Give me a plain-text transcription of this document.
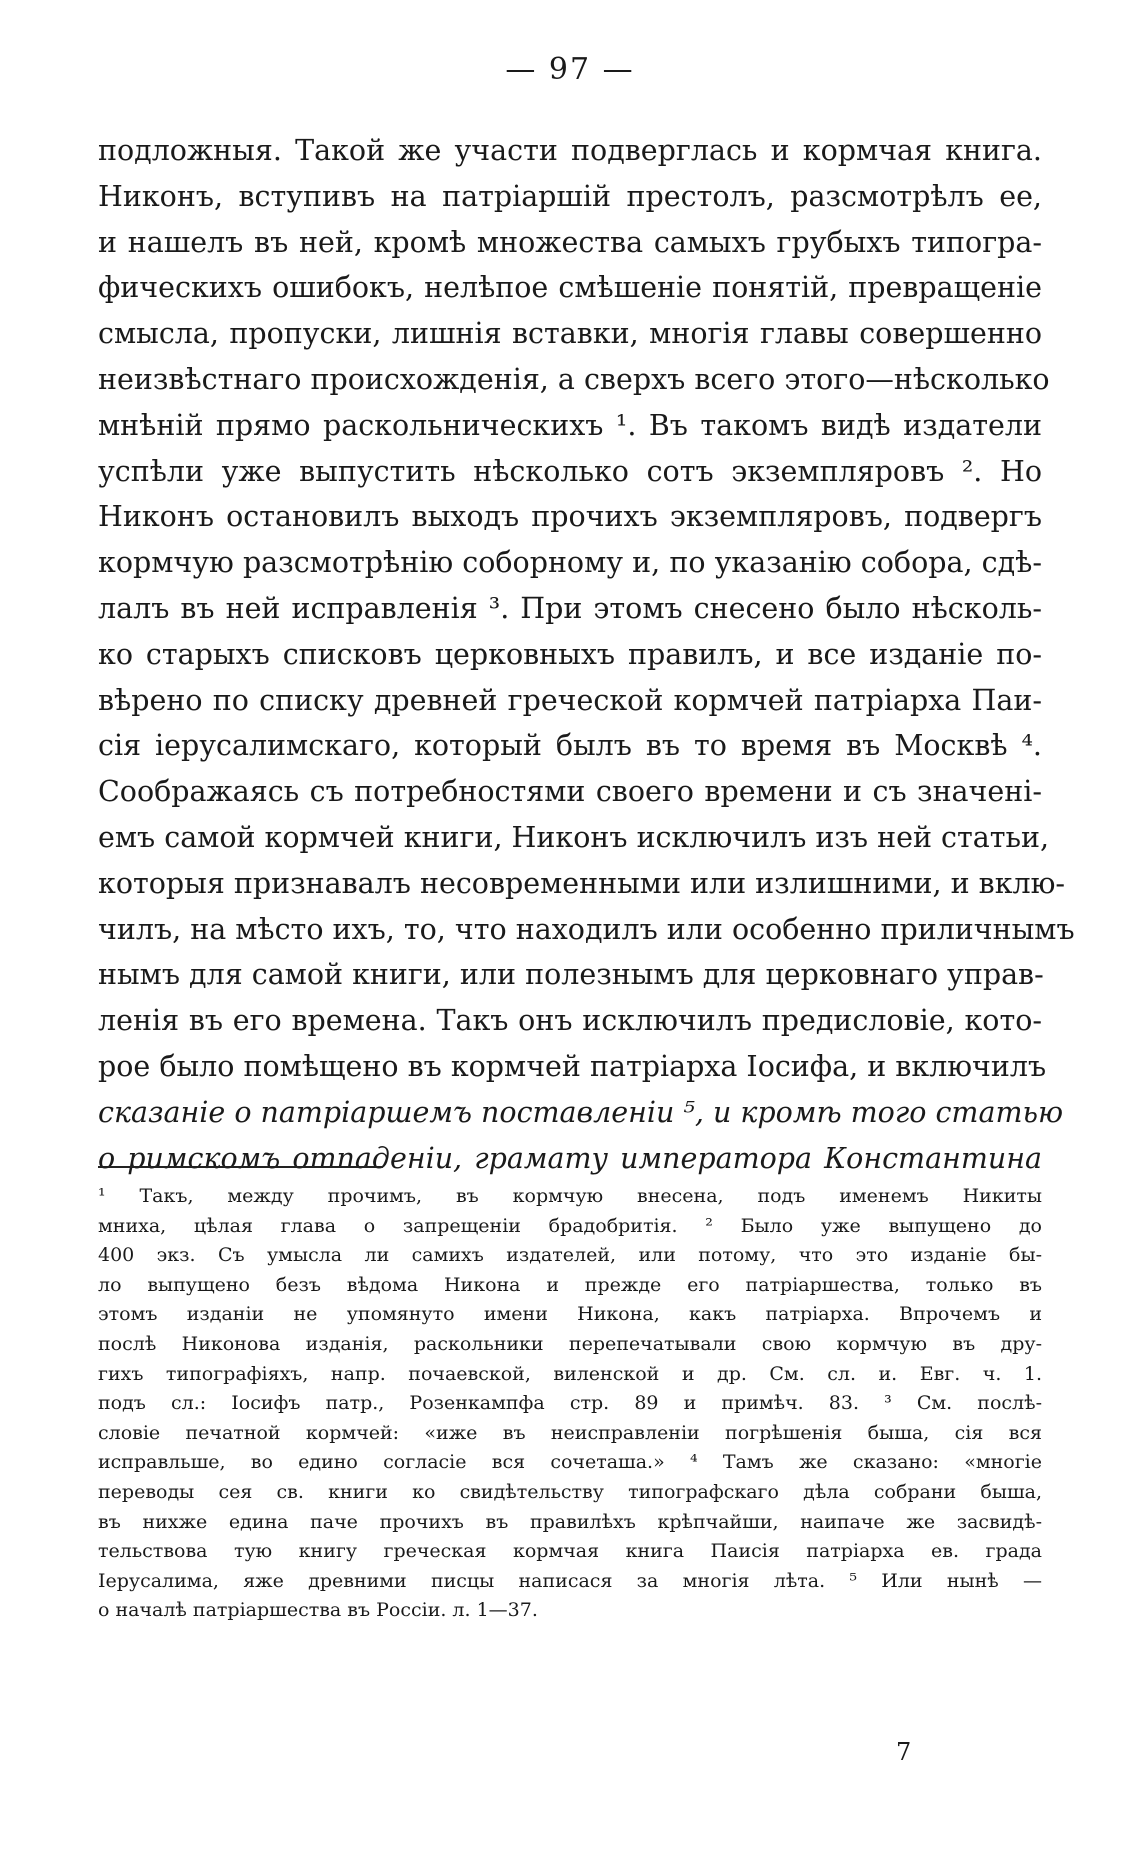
— 97 —
подложныя. Такой же участи подверглась и кормчая книга.
Никонъ, вступивъ на патріаршій престолъ, разсмотрѣлъ ее,
и нашелъ въ ней, кромѣ множества самыхъ грубыхъ типогра-
фическихъ ошибокъ, нелѣпое смѣшеніе понятій, превращеніе
смысла, пропуски, лишнія вставки, многія главы совершенно
неизвѣстнаго происхожденія, а сверхъ всего этого—нѣсколько
мнѣній прямо раскольническихъ ¹. Въ такомъ видѣ издатели
успѣли уже выпустить нѣсколько сотъ экземпляровъ ². Но
Никонъ остановилъ выходъ прочихъ экземпляровъ, подвергъ
кормчую разсмотрѣнію соборному и, по указанію собора, сдѣ-
лалъ въ ней исправленія ³. При этомъ снесено было нѣсколь-
ко старыхъ списковъ церковныхъ правилъ, и все изданіе по-
вѣрено по списку древней греческой кормчей патріарха Паи-
сія іерусалимскаго, который былъ въ то время въ Москвѣ ⁴.
Соображаясь съ потребностями своего времени и съ значені-
емъ самой кормчей книги, Никонъ исключилъ изъ ней статьи,
которыя признавалъ несовременными или излишними, и вклю-
чилъ, на мѣсто ихъ, то, что находилъ или особенно приличнымъ
нымъ для самой книги, или полезнымъ для церковнаго управ-
ленія въ его времена. Такъ онъ исключилъ предисловіе, кото-
рое было помѣщено въ кормчей патріарха Іосифа, и включилъ
сказаніе о патріаршемъ поставленіи ⁵, и кромѣ того статью
о римскомъ отпаденіи, грамату императора Константина
¹ Такъ, между прочимъ, въ кормчую внесена, подъ именемъ Никиты
мниха, цѣлая глава о запрещеніи брадобритія. ² Было уже выпущено до
400 экз. Съ умысла ли самихъ издателей, или потому, что это изданіе бы-
ло выпущено безъ вѣдома Никона и прежде его патріаршества, только въ
этомъ изданіи не упомянуто имени Никона, какъ патріарха. Впрочемъ и
послѣ Никонова изданія, раскольники перепечатывали свою кормчую въ дру-
гихъ типографіяхъ, напр. почаевской, виленской и др. См. сл. и. Евг. ч. 1.
подъ сл.: Іосифъ патр., Розенкампфа стр. 89 и примѣч. 83. ³ См. послѣ-
словіе печатной кормчей: «иже въ неисправленіи погрѣшенія быша, сія вся
исправльше, во едино согласіе вся сочеташа.» ⁴ Тамъ же сказано: «многіе
переводы сея св. книги ко свидѣтельству типографскаго дѣла собрани быша,
въ нихже едина паче прочихъ въ правилѣхъ крѣпчайши, наипаче же засвидѣ-
тельствова тую книгу греческая кормчая книга Паисія патріарха ев. града
Іерусалима, яже древними писцы написася за многія лѣта. ⁵ Или нынѣ —
о началѣ патріаршества въ Россіи. л. 1—37.
7
